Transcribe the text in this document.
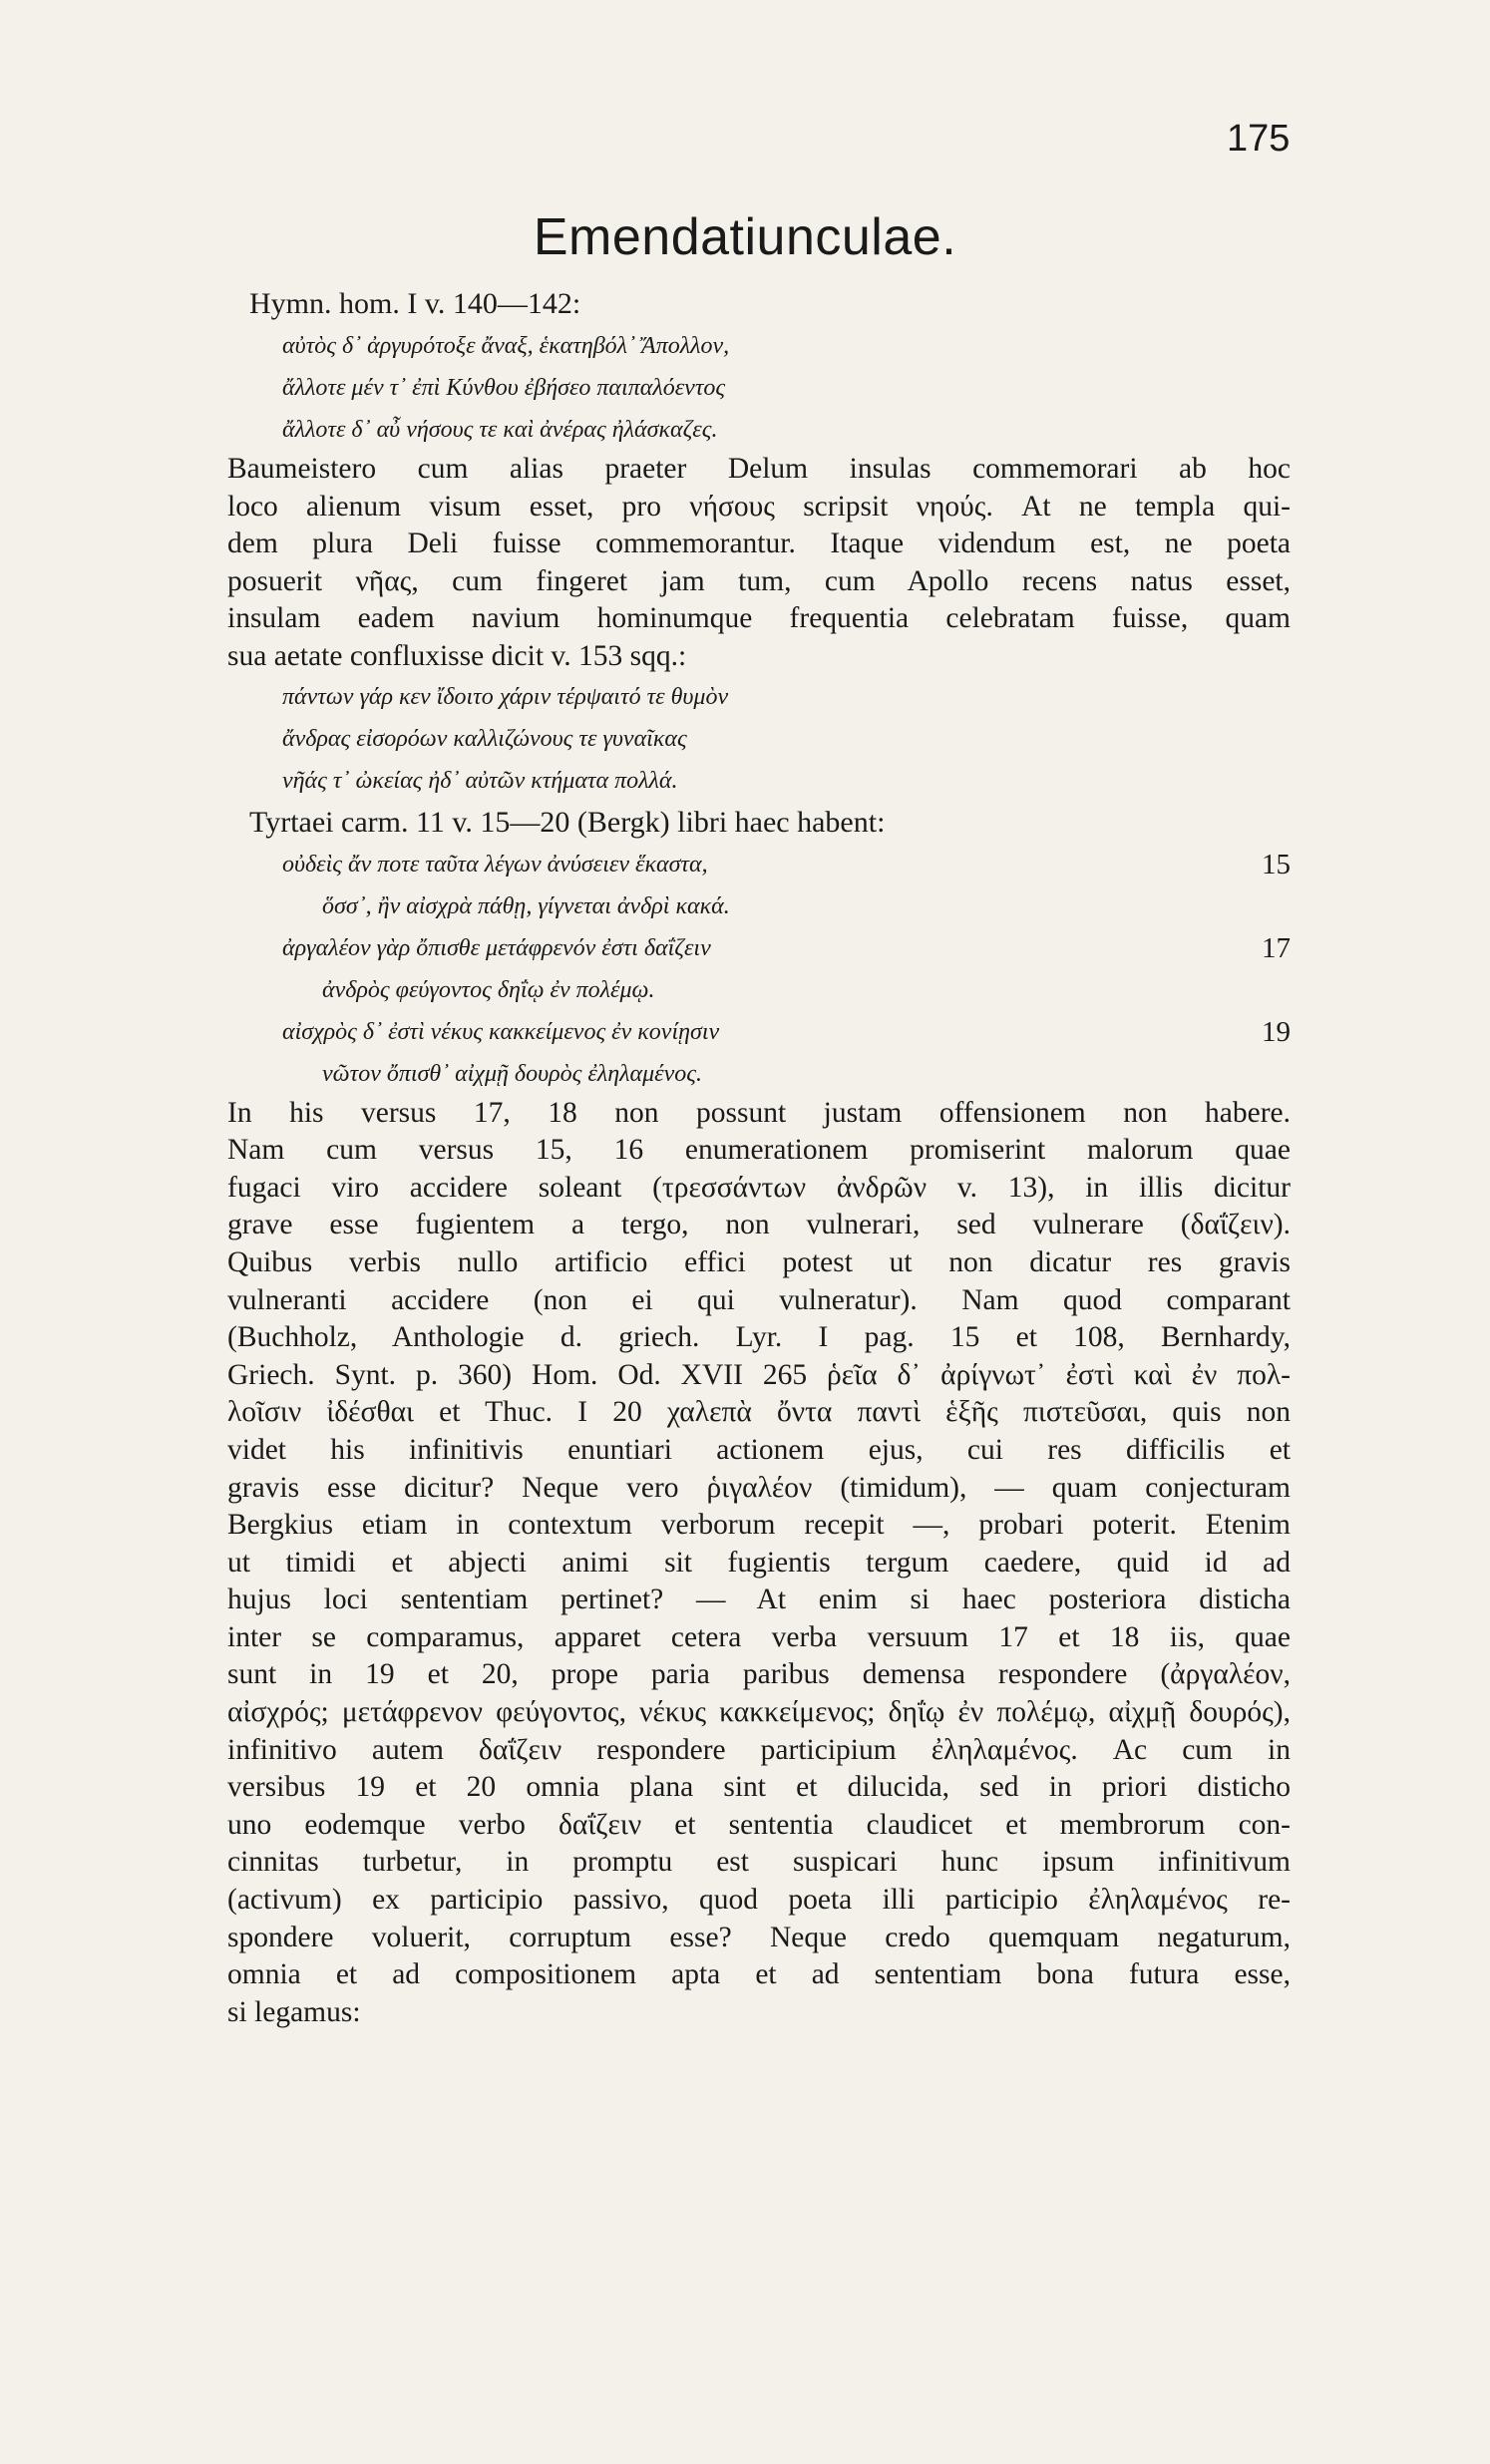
175
Emendatiunculae.
Hymn. hom. I v. 140—142:
αὐτὸς δ᾽ ἀργυρότοξε ἄναξ, ἑκατηβόλ᾽ Ἄπολλον,
ἄλλοτε μέν τ᾽ ἐπὶ Κύνθου ἐβήσεο παιπαλόεντος
ἄλλοτε δ᾽ αὖ νήσους τε καὶ ἀνέρας ἠλάσκαζες.
Baumeistero cum alias praeter Delum insulas commemorari ab hoc
loco alienum visum esset, pro νήσους scripsit νηούς. At ne templa qui-
dem plura Deli fuisse commemorantur. Itaque videndum est, ne poeta
posuerit νῆας, cum fingeret jam tum, cum Apollo recens natus esset,
insulam eadem navium hominumque frequentia celebratam fuisse, quam
sua aetate confluxisse dicit v. 153 sqq.:
πάντων γάρ κεν ἴδοιτο χάριν τέρψαιτό τε θυμὸν
ἄνδρας εἰσορόων καλλιζώνους τε γυναῖκας
νῆάς τ᾽ ὠκείας ἠδ᾽ αὐτῶν κτήματα πολλά.
Tyrtaei carm. 11 v. 15—20 (Bergk) libri haec habent:
οὐδεὶς ἄν ποτε ταῦτα λέγων ἀνύσειεν ἕκαστα,	15
ὅσσ᾽, ἢν αἰσχρὰ πάθῃ, γίγνεται ἀνδρὶ κακά.
ἀργαλέον γὰρ ὄπισθε μετάφρενόν ἐστι δαΐζειν	17
ἀνδρὸς φεύγοντος δηΐῳ ἐν πολέμῳ.
αἰσχρὸς δ᾽ ἐστὶ νέκυς κακκείμενος ἐν κονίῃσιν	19
νῶτον ὄπισθ᾽ αἰχμῇ δουρὸς ἐληλαμένος.
In his versus 17, 18 non possunt justam offensionem non habere.
Nam cum versus 15, 16 enumerationem promiserint malorum quae
fugaci viro accidere soleant (τρεσσάντων ἀνδρῶν v. 13), in illis dicitur
grave esse fugientem a tergo, non vulnerari, sed vulnerare (δαΐζειν).
Quibus verbis nullo artificio effici potest ut non dicatur res gravis
vulneranti accidere (non ei qui vulneratur). Nam quod comparant
(Buchholz, Anthologie d. griech. Lyr. I pag. 15 et 108, Bernhardy,
Griech. Synt. p. 360) Hom. Od. XVII 265 ῥεῖα δ᾽ ἀρίγνωτ᾽ ἐστὶ καὶ ἐν πολ-
λοῖσιν ἰδέσθαι et Thuc. I 20 χαλεπὰ ὄντα παντὶ ἑξῆς πιστεῦσαι, quis non
videt his infinitivis enuntiari actionem ejus, cui res difficilis et
gravis esse dicitur? Neque vero ῥιγαλέον (timidum), — quam conjecturam
Bergkius etiam in contextum verborum recepit —, probari poterit. Etenim
ut timidi et abjecti animi sit fugientis tergum caedere, quid id ad
hujus loci sententiam pertinet? — At enim si haec posteriora disticha
inter se comparamus, apparet cetera verba versuum 17 et 18 iis, quae
sunt in 19 et 20, prope paria paribus demensa respondere (ἀργαλέον,
αἰσχρός; μετάφρενον φεύγοντος, νέκυς κακκείμενος; δηΐῳ ἐν πολέμῳ, αἰχμῇ δουρός),
infinitivo autem δαΐζειν respondere participium ἐληλαμένος. Ac cum in
versibus 19 et 20 omnia plana sint et dilucida, sed in priori disticho
uno eodemque verbo δαΐζειν et sententia claudicet et membrorum con-
cinnitas turbetur, in promptu est suspicari hunc ipsum infinitivum
(activum) ex participio passivo, quod poeta illi participio ἐληλαμένος re-
spondere voluerit, corruptum esse? Neque credo quemquam negaturum,
omnia et ad compositionem apta et ad sententiam bona futura esse,
si legamus:
